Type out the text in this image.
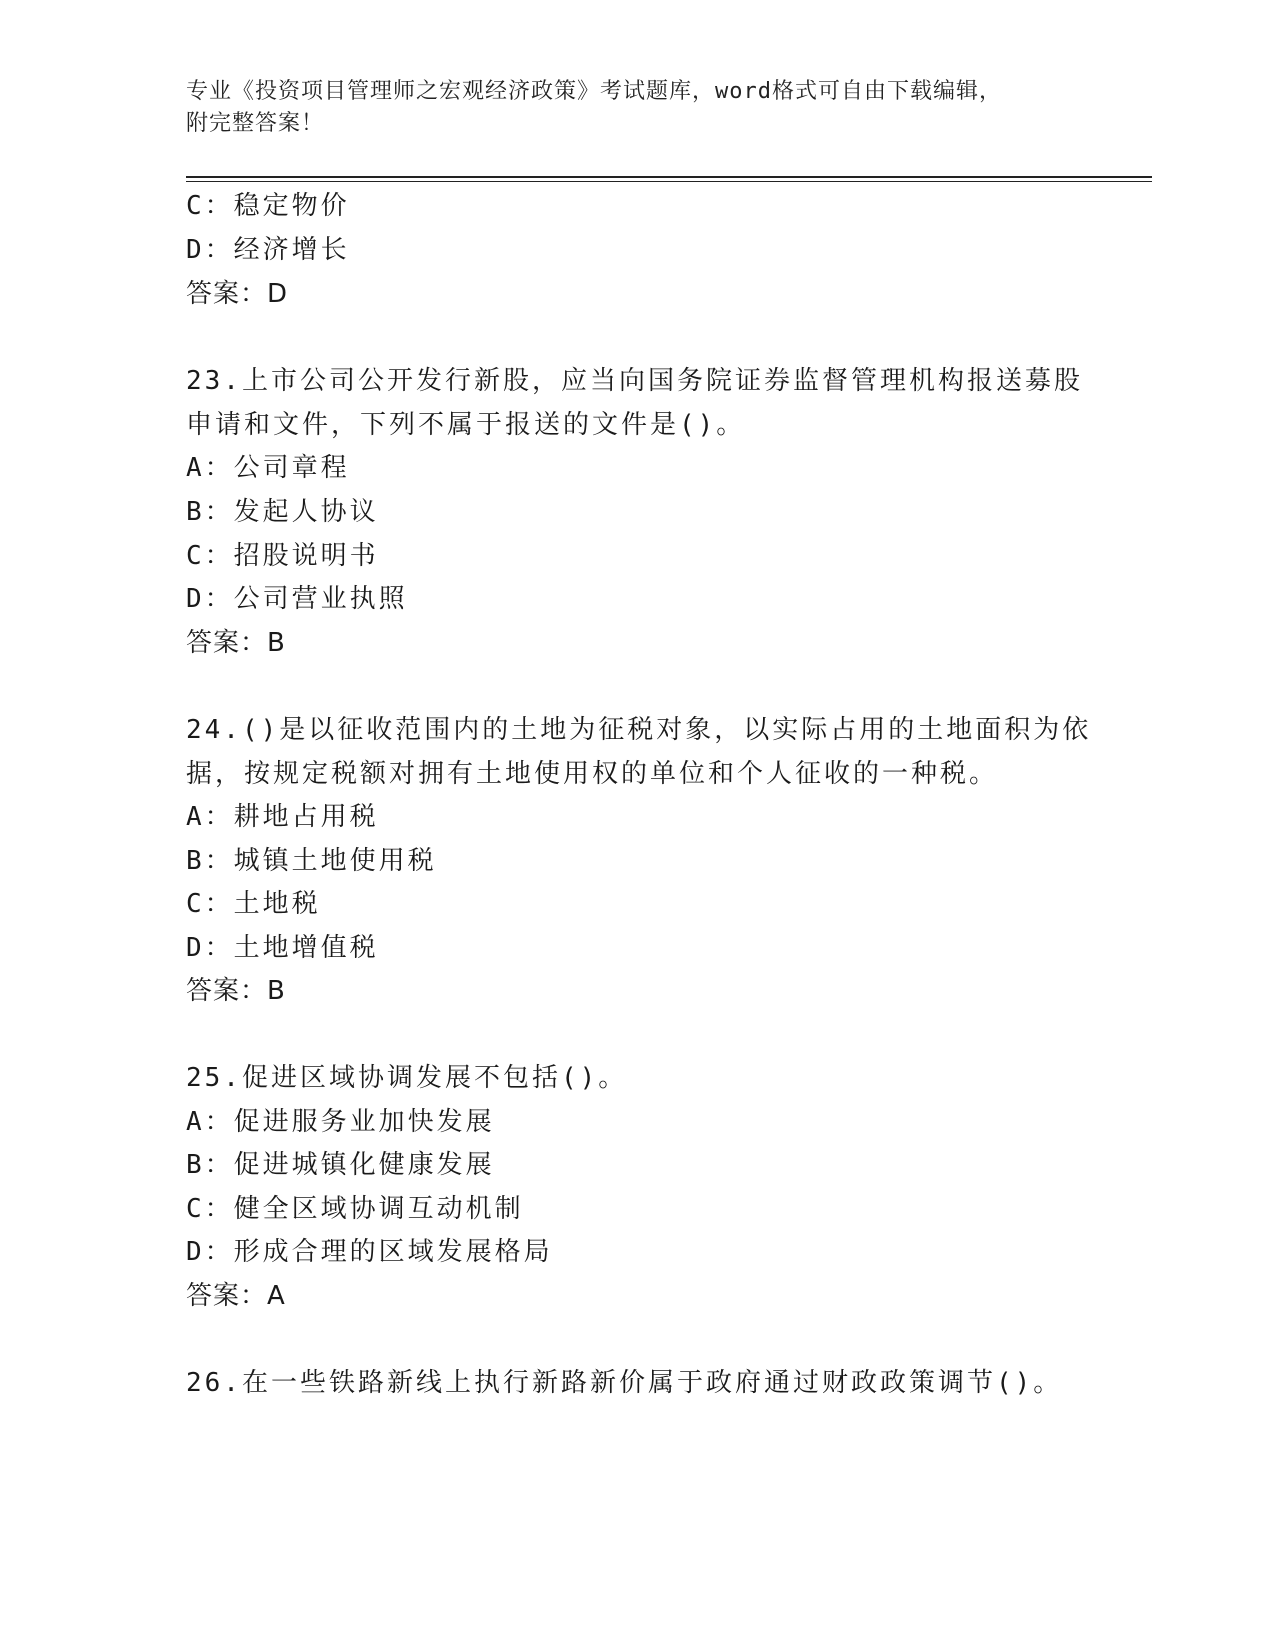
专业《投资项目管理师之宏观经济政策》考试题库，word格式可自由下载编辑，
附完整答案！
C：稳定物价
D：经济增长
答案：D
23.上市公司公开发行新股，应当向国务院证券监督管理机构报送募股
申请和文件，下列不属于报送的文件是()。
A：公司章程
B：发起人协议
C：招股说明书
D：公司营业执照
答案：B
24.()是以征收范围内的土地为征税对象，以实际占用的土地面积为依
据，按规定税额对拥有土地使用权的单位和个人征收的一种税。
A：耕地占用税
B：城镇土地使用税
C：土地税
D：土地增值税
答案：B
25.促进区域协调发展不包括()。
A：促进服务业加快发展
B：促进城镇化健康发展
C：健全区域协调互动机制
D：形成合理的区域发展格局
答案：A
26.在一些铁路新线上执行新路新价属于政府通过财政政策调节()。
